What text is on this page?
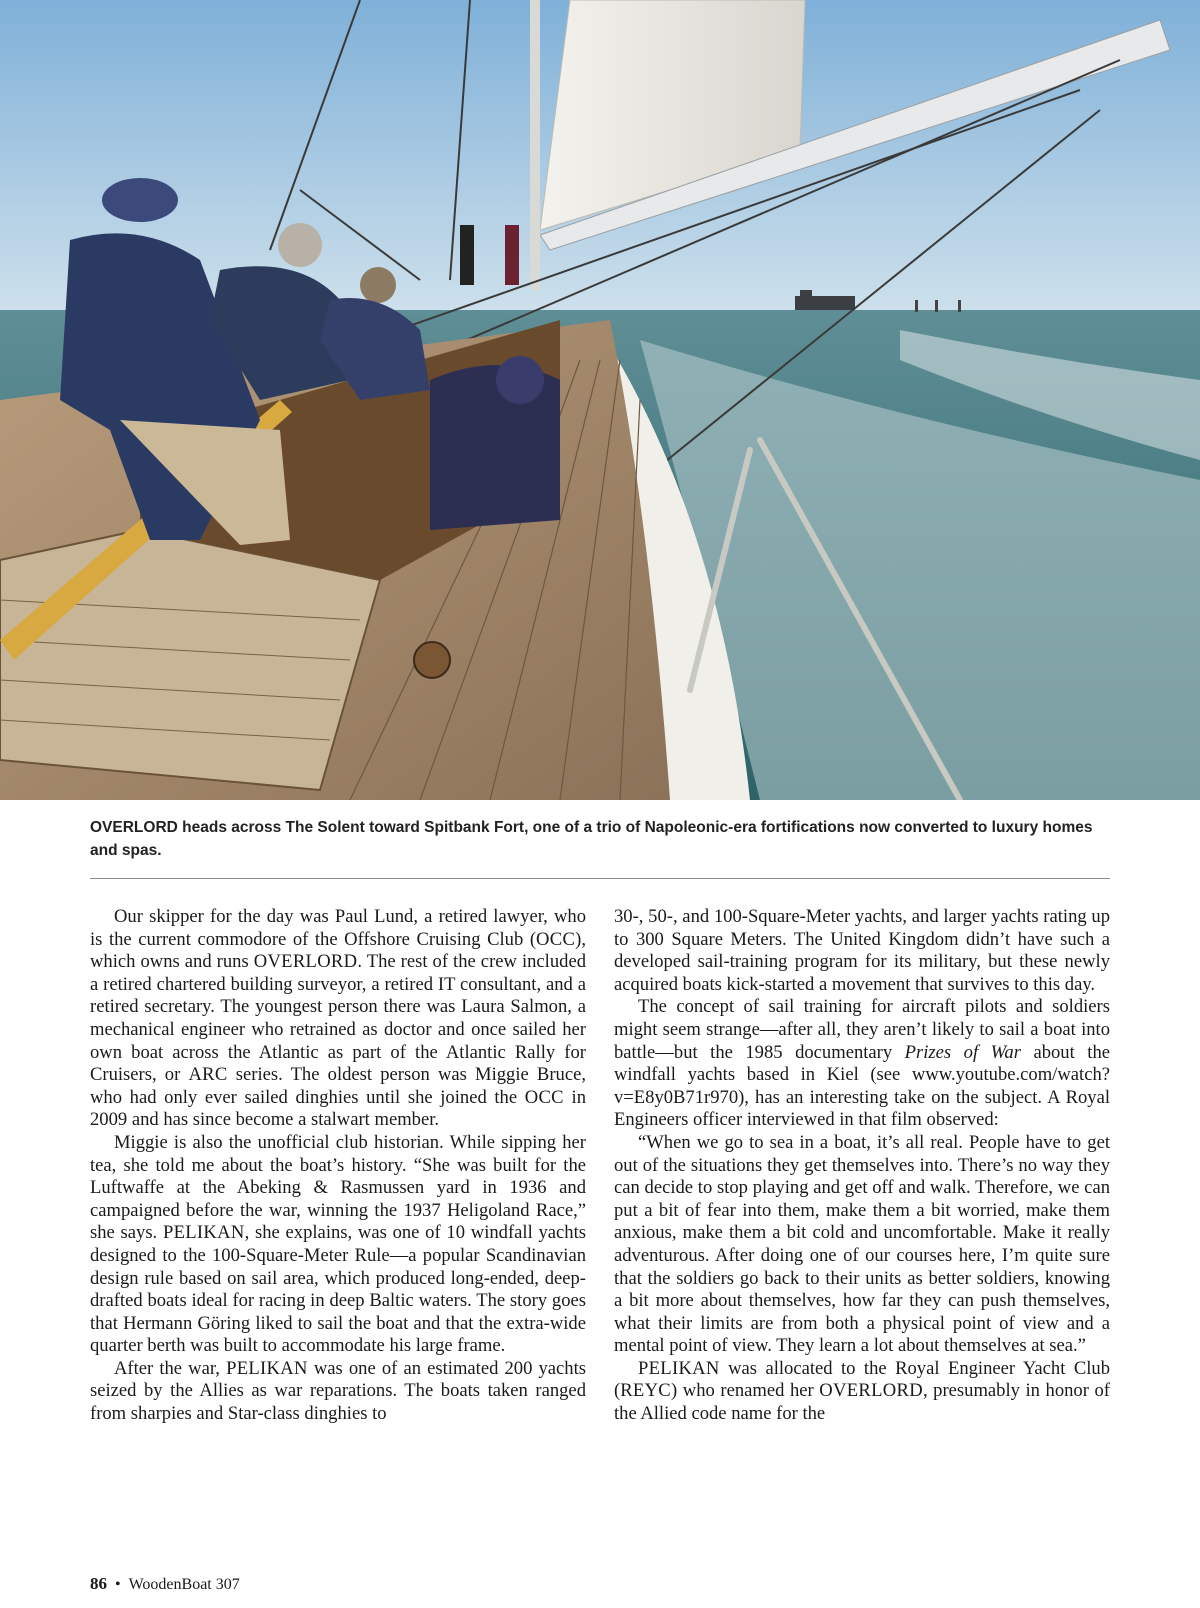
OVERLORD heads across The Solent toward Spitbank Fort, one of a trio of Napoleonic-era fortifications now converted to luxury homes and spas.

Our skipper for the day was Paul Lund, a retired lawyer, who is the current commodore of the Offshore Cruising Club (OCC), which owns and runs OVERLORD. The rest of the crew included a retired chartered building surveyor, a retired IT consultant, and a retired secretary. The youngest person there was Laura Salmon, a mechanical engineer who retrained as doctor and once sailed her own boat across the Atlantic as part of the Atlantic Rally for Cruisers, or ARC series. The oldest person was Miggie Bruce, who had only ever sailed dinghies until she joined the OCC in 2009 and has since become a stalwart member.

Miggie is also the unofficial club historian. While sipping her tea, she told me about the boat’s history. “She was built for the Luftwaffe at the Abeking & Rasmussen yard in 1936 and campaigned before the war, winning the 1937 Heligoland Race,” she says. PELIKAN, she explains, was one of 10 windfall yachts designed to the 100-Square-Meter Rule—a popular Scandinavian design rule based on sail area, which produced long-ended, deep-drafted boats ideal for racing in deep Baltic waters. The story goes that Hermann Göring liked to sail the boat and that the extra-wide quarter berth was built to accommodate his large frame.

After the war, PELIKAN was one of an estimated 200 yachts seized by the Allies as war reparations. The boats taken ranged from sharpies and Star-class dinghies to

30-, 50-, and 100-Square-Meter yachts, and larger yachts rating up to 300 Square Meters. The United Kingdom didn’t have such a developed sail-training program for its military, but these newly acquired boats kick-started a movement that survives to this day.

The concept of sail training for aircraft pilots and soldiers might seem strange—after all, they aren’t likely to sail a boat into battle—but the 1985 documentary Prizes of War about the windfall yachts based in Kiel (see www.youtube.com/watch?v=E8y0B71r970), has an interesting take on the subject. A Royal Engineers officer interviewed in that film observed:

“When we go to sea in a boat, it’s all real. People have to get out of the situations they get themselves into. There’s no way they can decide to stop playing and get off and walk. Therefore, we can put a bit of fear into them, make them a bit worried, make them anxious, make them a bit cold and uncomfortable. Make it really adventurous. After doing one of our courses here, I’m quite sure that the soldiers go back to their units as better soldiers, knowing a bit more about themselves, how far they can push themselves, what their limits are from both a physical point of view and a mental point of view. They learn a lot about themselves at sea.”

PELIKAN was allocated to the Royal Engineer Yacht Club (REYC) who renamed her OVERLORD, presumably in honor of the Allied code name for the

86 • WoodenBoat 307
